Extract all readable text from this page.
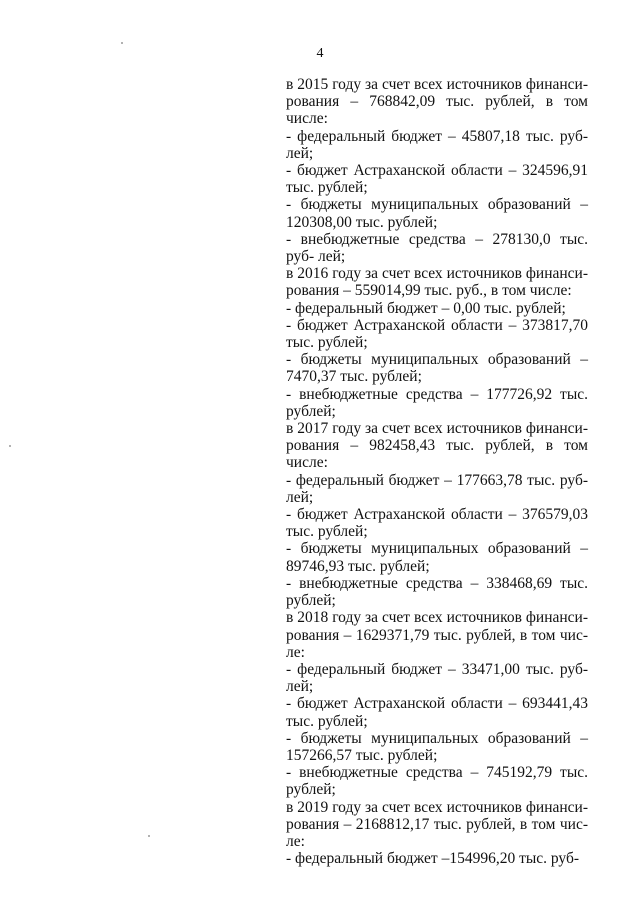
4

в 2015 году за счет всех источников финанси- рования – 768842,09 тыс. рублей, в том числе:

- федеральный бюджет – 45807,18 тыс. руб- лей;

- бюджет Астраханской области – 324596,91 тыс. рублей;

- бюджеты муниципальных образований – 120308,00 тыс. рублей;

- внебюджетные средства – 278130,0 тыс. руб- лей;

в 2016 году за счет всех источников финанси- рования – 559014,99 тыс. руб., в том числе:

- федеральный бюджет – 0,00 тыс. рублей;

- бюджет Астраханской области – 373817,70 тыс. рублей;

- бюджеты муниципальных образований – 7470,37 тыс. рублей;

- внебюджетные средства – 177726,92 тыс. рублей;

в 2017 году за счет всех источников финанси- рования – 982458,43 тыс. рублей, в том числе:

- федеральный бюджет – 177663,78 тыс. руб- лей;

- бюджет Астраханской области – 376579,03 тыс. рублей;

- бюджеты муниципальных образований – 89746,93 тыс. рублей;

- внебюджетные средства – 338468,69 тыс. рублей;

в 2018 году за счет всех источников финанси- рования – 1629371,79 тыс. рублей, в том чис- ле:

- федеральный бюджет – 33471,00 тыс. руб- лей;

- бюджет Астраханской области – 693441,43 тыс. рублей;

- бюджеты муниципальных образований – 157266,57 тыс. рублей;

- внебюджетные средства – 745192,79 тыс. рублей;

в 2019 году за счет всех источников финанси- рования – 2168812,17 тыс. рублей, в том чис- ле:

- федеральный бюджет –154996,20 тыс. руб-
